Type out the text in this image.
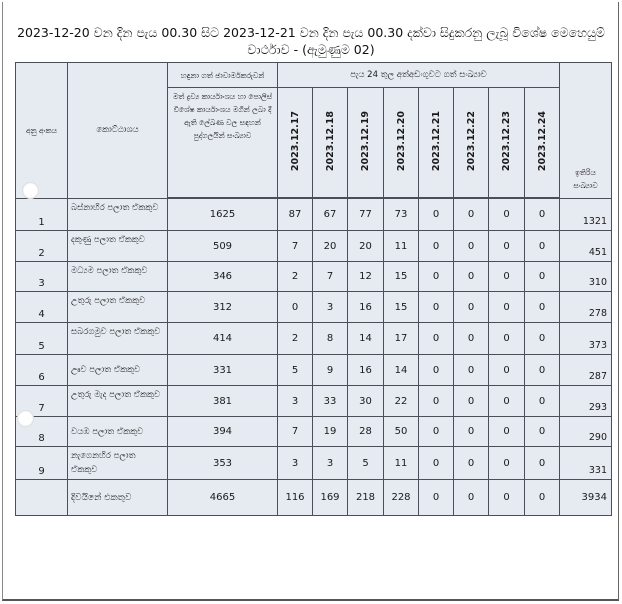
2023-12-20 වන දින පැය 00.30 සිට 2023-12-21 වන දින පැය 00.30 දක්වා සිදුකරනු ලැබූ විශේෂ මෙහෙයුම්
වාර්ථාව - (ඇමුණුම 02)
අනු අංකය	කොට්ඨාශය	හඳුනා ගත් ඡාවාර්මකරුවන්	පැය 24 තුල අත්අඩංගුවට ගත් සංඛ්‍යාව								ඉතිරිය සංඛ්‍යාව
		මත් ද්‍රව්‍ය කාර්යාංශය හා පොලිස් විශේෂ කාර්යාංශය මගින් ලබා දී ඇති ලේඛණ වල සඳහන් පුද්ගලයින් සංඛ්‍යාව	2023.12.17	2023.12.18	2023.12.19	2023.12.20	2023.12.21	2023.12.22	2023.12.23	2023.12.24	

1	බස්නාහිර පලාත ඒකකුව	1625	87	67	77	73	0	0	0	0	1321
2	දකුණු පලාත ඒකකුව	509	7	20	20	11	0	0	0	0	451
3	මධ්‍යම පලාත ඒකකුව	346	2	7	12	15	0	0	0	0	310
4	උතුරු පලාත ඒකකුව	312	0	3	16	15	0	0	0	0	278
5	සබරගමුව පලාත ඒකකුව	414	2	8	14	17	0	0	0	0	373
6	ඌව පලාත ඒකකුව	331	5	9	16	14	0	0	0	0	287
7	උතුරු මැද පලාත ඒකකුව	381	3	33	30	22	0	0	0	0	293
8	වයඹ පලාත ඒකකුව	394	7	19	28	50	0	0	0	0	290
9	නැගෙනහිර පලාත ඒකකුව	353	3	3	5	11	0	0	0	0	331
	දිවයිනේ එකතුව	4665	116	169	218	228	0	0	0	0	3934
